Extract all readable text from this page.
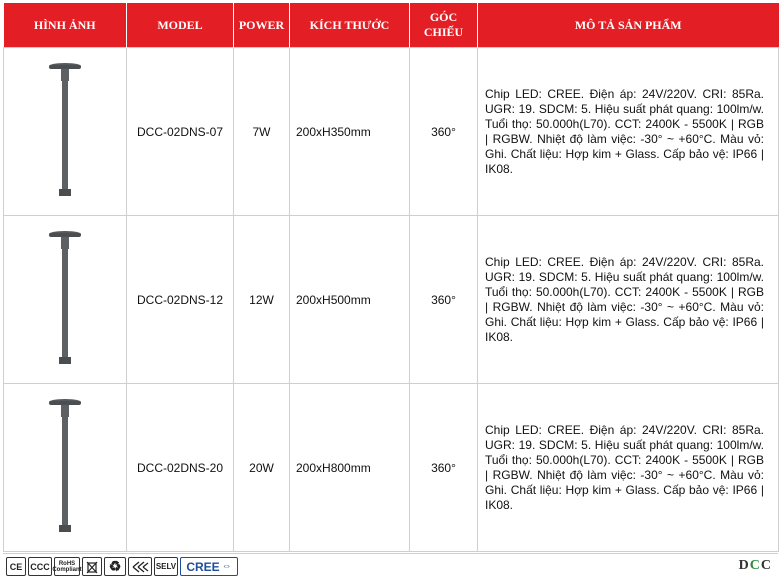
HÌNH ẢNH	MODEL	POWER	KÍCH THƯỚC	GÓC CHIẾU	MÔ TẢ SẢN PHẨM
	DCC-02DNS-07	7W	200xH350mm	360°	Chip LED: CREE. Điện áp: 24V/220V. CRI: 85Ra. UGR: 19. SDCM: 5. Hiệu suất phát quang: 100lm/w. Tuổi thọ: 50.000h(L70). CCT: 2400K - 5500K | RGB | RGBW. Nhiệt độ làm việc: -30° ~ +60°C. Màu vỏ: Ghi. Chất liệu: Hợp kim + Glass. Cấp bảo vệ: IP66 | IK08.
	DCC-02DNS-12	12W	200xH500mm	360°	Chip LED: CREE. Điện áp: 24V/220V. CRI: 85Ra. UGR: 19. SDCM: 5. Hiệu suất phát quang: 100lm/w. Tuổi thọ: 50.000h(L70). CCT: 2400K - 5500K | RGB | RGBW. Nhiệt độ làm việc: -30° ~ +60°C. Màu vỏ: Ghi. Chất liệu: Hợp kim + Glass. Cấp bảo vệ: IP66 | IK08.
	DCC-02DNS-20	20W	200xH800mm	360°	Chip LED: CREE. Điện áp: 24V/220V. CRI: 85Ra. UGR: 19. SDCM: 5. Hiệu suất phát quang: 100lm/w. Tuổi thọ: 50.000h(L70). CCT: 2400K - 5500K | RGB | RGBW. Nhiệt độ làm việc: -30° ~ +60°C. Màu vỏ: Ghi. Chất liệu: Hợp kim + Glass. Cấp bảo vệ: IP66 | IK08.
CE CCC	RoHS Compliant	♻	SELV CREE ⇔	DCC
